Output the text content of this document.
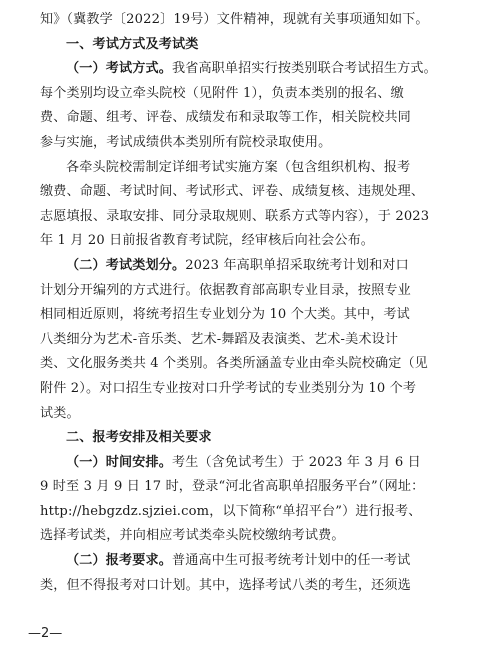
知》（冀教学〔2022〕19号）文件精神，现就有关事项通知如下。
一、考试方式及考试类
（一）考试方式。我省高职单招实行按类别联合考试招生方式。
每个类别均设立牵头院校（见附件 1），负责本类别的报名、缴
费、命题、组考、评卷、成绩发布和录取等工作，相关院校共同
参与实施，考试成绩供本类别所有院校录取使用。
各牵头院校需制定详细考试实施方案（包含组织机构、报考
缴费、命题、考试时间、考试形式、评卷、成绩复核、违规处理、
志愿填报、录取安排、同分录取规则、联系方式等内容），于 2023
年 1 月 20 日前报省教育考试院，经审核后向社会公布。
（二）考试类划分。2023 年高职单招采取统考计划和对口
计划分开编列的方式进行。依据教育部高职专业目录，按照专业
相同相近原则，将统考招生专业划分为 10 个大类。其中，考试
八类细分为艺术-音乐类、艺术-舞蹈及表演类、艺术-美术设计
类、文化服务类共 4 个类别。各类所涵盖专业由牵头院校确定（见
附件 2）。对口招生专业按对口升学考试的专业类别分为 10 个考
试类。
二、报考安排及相关要求
（一）时间安排。考生（含免试考生）于 2023 年 3 月 6 日
9 时至 3 月 9 日 17 时，登录“河北省高职单招服务平台”（网址：
http://hebgzdz.sjziei.com，以下简称“单招平台”）进行报考、
选择考试类，并向相应考试类牵头院校缴纳考试费。
（二）报考要求。普通高中生可报考统考计划中的任一考试
类，但不得报考对口计划。其中，选择考试八类的考生，还须选
—2—
